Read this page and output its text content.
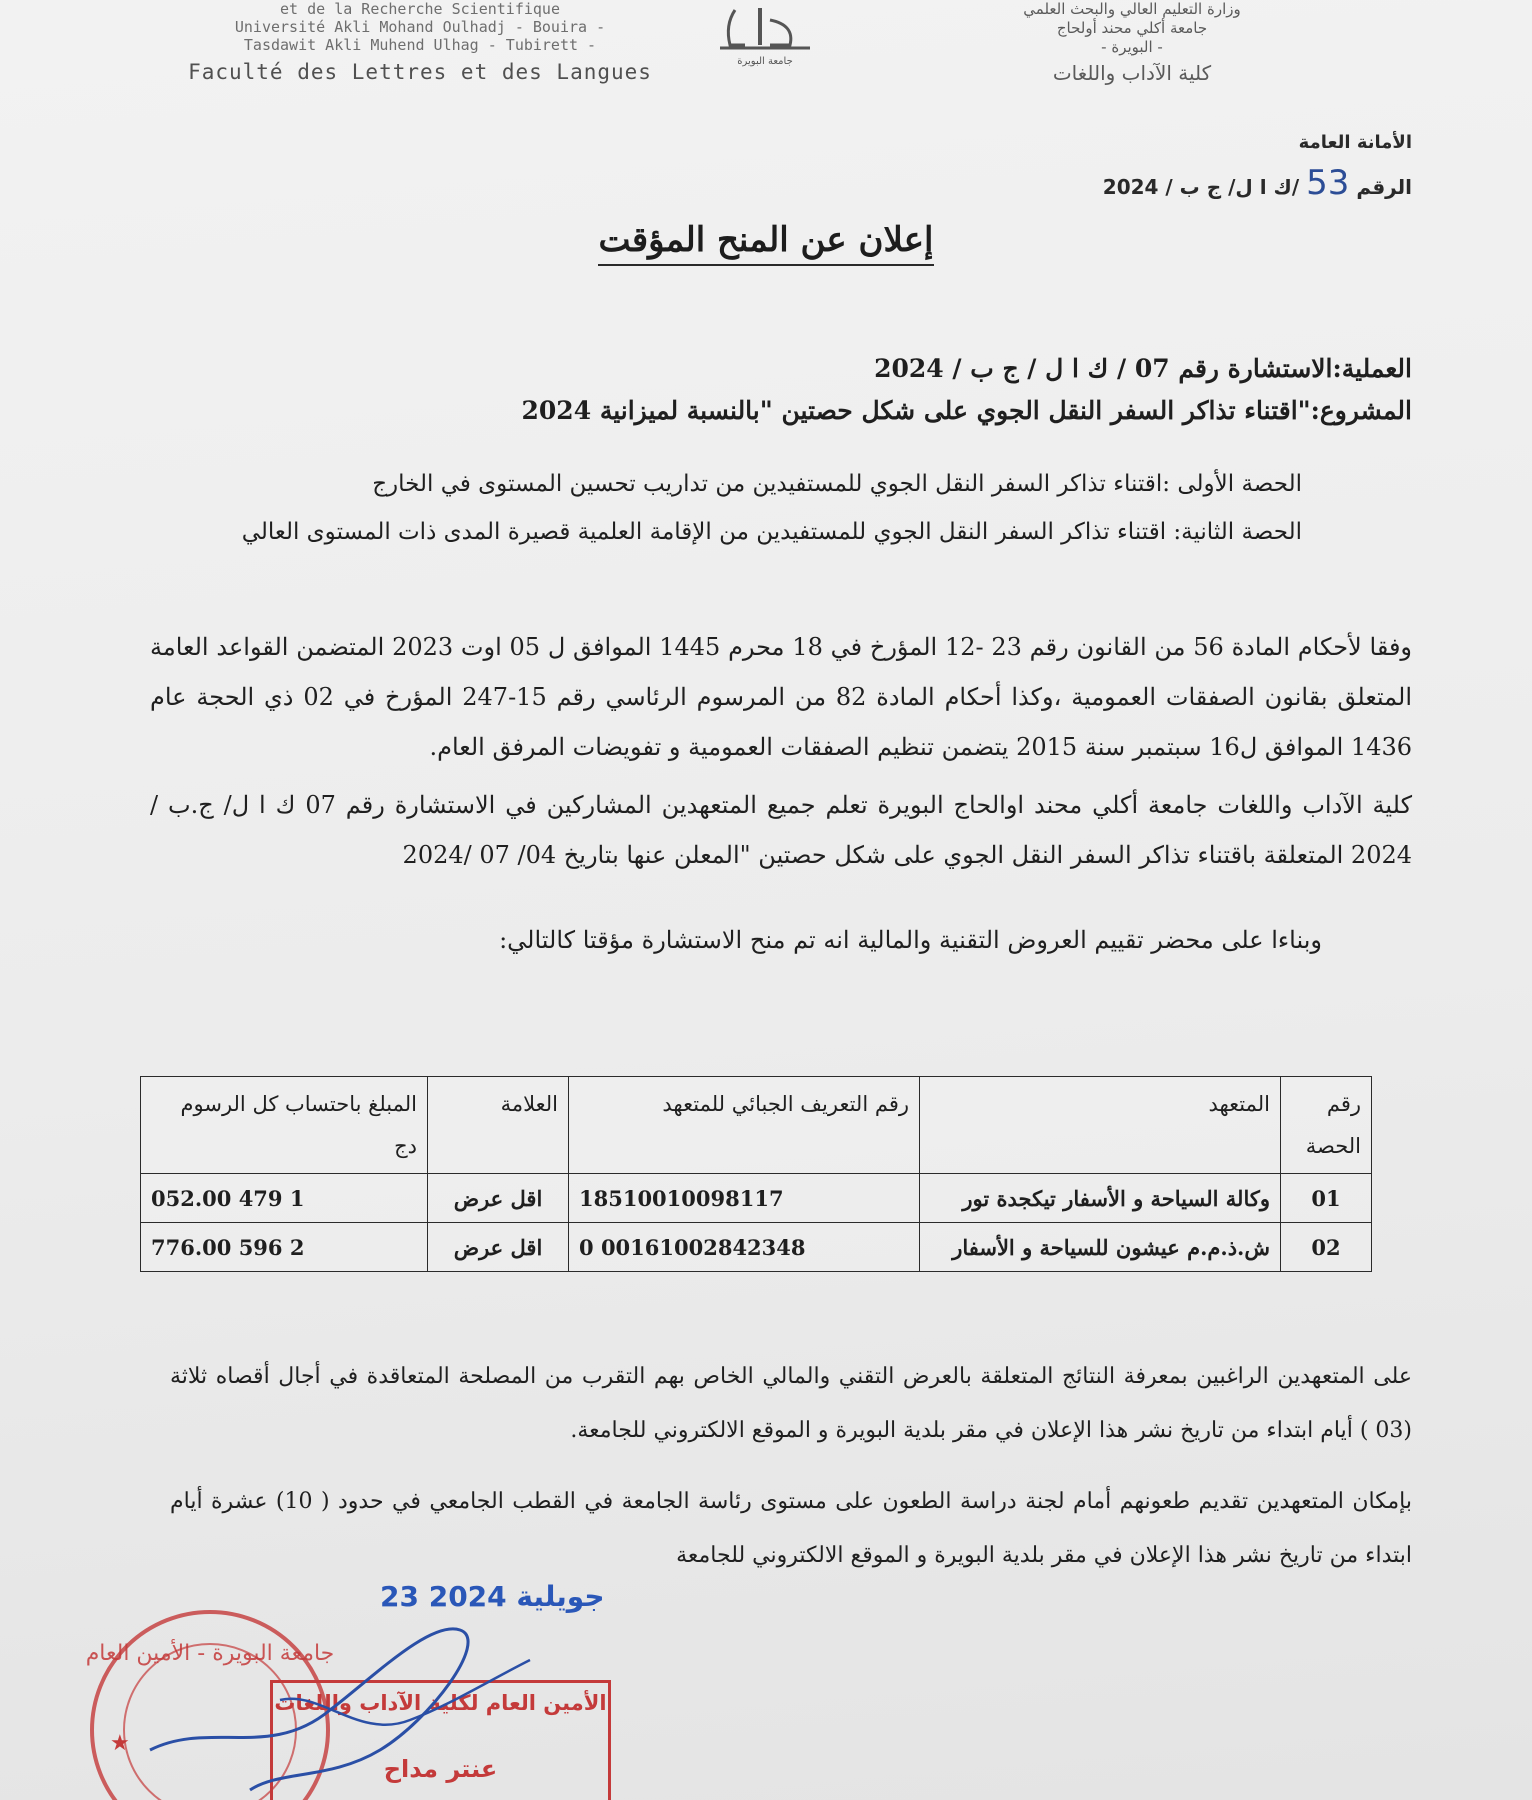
et de la Recherche Scientifique
Université Akli Mohand Oulhadj - Bouira -
Tasdawit Akli Muhend Ulhag - Tubirett -
Faculté des Lettres et des Langues	جامعة البويرة
وزارة التعليم العالي والبحث العلمي
جامعة أكلي محند أولحاج
- البويرة -
كلية الآداب واللغات
الأمانة العامة
الرقم 53 /ك ا ل/ ج ب / 2024
إعلان عن المنح المؤقت
العملية:الاستشارة رقم 07 / ك ا ل / ج ب / 2024
المشروع:"اقتناء تذاكر السفر النقل الجوي على شكل حصتين "بالنسبة لميزانية 2024
الحصة الأولى :اقتناء تذاكر السفر النقل الجوي للمستفيدين من تداريب تحسين المستوى في الخارج
الحصة الثانية: اقتناء تذاكر السفر النقل الجوي للمستفيدين من الإقامة العلمية قصيرة المدى ذات المستوى العالي
وفقا لأحكام المادة 56 من القانون رقم 23 -12 المؤرخ في 18 محرم 1445 الموافق ل 05 اوت 2023 المتضمن القواعد العامة المتعلق بقانون الصفقات العمومية ،وكذا أحكام المادة 82 من المرسوم الرئاسي رقم 15-247 المؤرخ في 02 ذي الحجة عام 1436 الموافق ل16 سبتمبر سنة 2015 يتضمن تنظيم الصفقات العمومية و تفويضات المرفق العام.
كلية الآداب واللغات جامعة أكلي محند اوالحاج البويرة تعلم جميع المتعهدين المشاركين في الاستشارة رقم 07 ك ا ل/ ج.ب / 2024 المتعلقة باقتناء تذاكر السفر النقل الجوي على شكل حصتين "المعلن عنها بتاريخ 04/ 07 /2024
وبناءا على محضر تقييم العروض التقنية والمالية انه تم منح الاستشارة مؤقتا كالتالي:
رقم الحصة	المتعهد	رقم التعريف الجبائي للمتعهد	العلامة	المبلغ باحتساب كل الرسوم دج
01	وكالة السياحة و الأسفار تيكجدة تور	18510010098117	اقل عرض	1 479 052.00
02	ش.ذ.م.م عيشون للسياحة و الأسفار	00161002842348 0	اقل عرض	2 596 776.00
على المتعهدين الراغبين بمعرفة النتائج المتعلقة بالعرض التقني والمالي الخاص بهم التقرب من المصلحة المتعاقدة في أجال أقصاه ثلاثة (03 ) أيام ابتداء من تاريخ نشر هذا الإعلان في مقر بلدية البويرة و الموقع الالكتروني للجامعة.
بإمكان المتعهدين تقديم طعونهم أمام لجنة دراسة الطعون على مستوى رئاسة الجامعة في القطب الجامعي في حدود ( 10) عشرة أيام ابتداء من تاريخ نشر هذا الإعلان في مقر بلدية البويرة و الموقع الالكتروني للجامعة
جامعة البويرة - الأمين العام
★
23 جويلية 2024
الأمين العام لكلية الآداب واللغات
عنتر مداح
